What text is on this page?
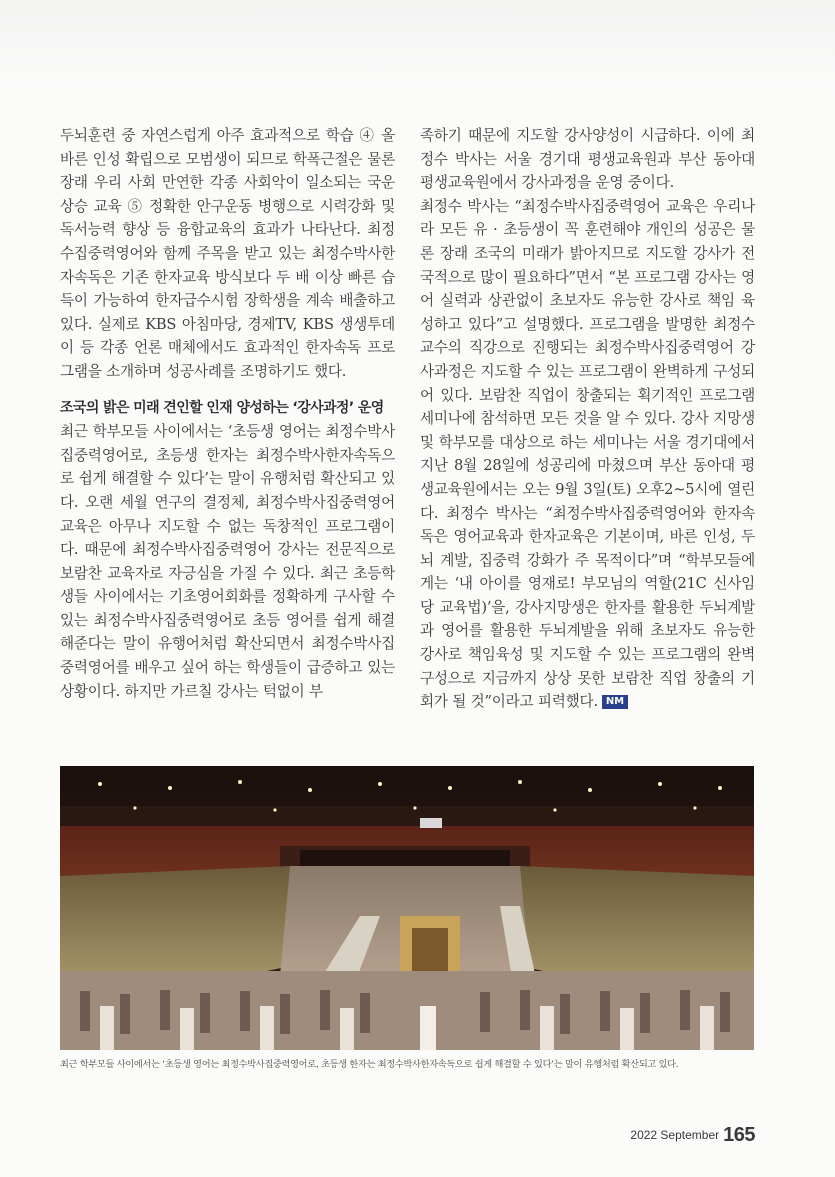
두뇌훈련 중 자연스럽게 아주 효과적으로 학습 ④ 올바른 인성 확립으로 모범생이 되므로 학폭근절은 물론 장래 우리 사회 만연한 각종 사회악이 일소되는 국운상승 교육 ⑤ 정확한 안구운동 병행으로 시력강화 및 독서능력 향상 등 융합교육의 효과가 나타난다. 최정수집중력영어와 함께 주목을 받고 있는 최정수박사한자속독은 기존 한자교육 방식보다 두 배 이상 빠른 습득이 가능하여 한자급수시험 장학생을 계속 배출하고 있다. 실제로 KBS 아침마당, 경제TV, KBS 생생투데이 등 각종 언론 매체에서도 효과적인 한자속독 프로그램을 소개하며 성공사례를 조명하기도 했다.

조국의 밝은 미래 견인할 인재 양성하는 ‘강사과정’ 운영

최근 학부모들 사이에서는 ‘초등생 영어는 최정수박사집중력영어로, 초등생 한자는 최정수박사한자속독으로 쉽게 해결할 수 있다’는 말이 유행처럼 확산되고 있다. 오랜 세월 연구의 결정체, 최정수박사집중력영어 교육은 아무나 지도할 수 없는 독창적인 프로그램이다. 때문에 최정수박사집중력영어 강사는 전문직으로 보람찬 교육자로 자긍심을 가질 수 있다. 최근 초등학생들 사이에서는 기초영어회화를 정확하게 구사할 수 있는 최정수박사집중력영어로 초등 영어를 쉽게 해결해준다는 말이 유행어처럼 확산되면서 최정수박사집중력영어를 배우고 싶어 하는 학생들이 급증하고 있는 상황이다. 하지만 가르칠 강사는 턱없이 부

족하기 때문에 지도할 강사양성이 시급하다. 이에 최정수 박사는 서울 경기대 평생교육원과 부산 동아대 평생교육원에서 강사과정을 운영 중이다.

최정수 박사는 “최정수박사집중력영어 교육은 우리나라 모든 유 · 초등생이 꼭 훈련해야 개인의 성공은 물론 장래 조국의 미래가 밝아지므로 지도할 강사가 전국적으로 많이 필요하다”면서 “본 프로그램 강사는 영어 실력과 상관없이 초보자도 유능한 강사로 책임 육성하고 있다”고 설명했다. 프로그램을 발명한 최정수 교수의 직강으로 진행되는 최정수박사집중력영어 강사과정은 지도할 수 있는 프로그램이 완벽하게 구성되어 있다. 보람찬 직업이 창출되는 획기적인 프로그램 세미나에 참석하면 모든 것을 알 수 있다. 강사 지망생 및 학부모를 대상으로 하는 세미나는 서울 경기대에서 지난 8월 28일에 성공리에 마쳤으며 부산 동아대 평생교육원에서는 오는 9월 3일(토) 오후2~5시에 열린다. 최정수 박사는 “최정수박사집중력영어와 한자속독은 영어교육과 한자교육은 기본이며, 바른 인성, 두뇌 계발, 집중력 강화가 주 목적이다”며 “학부모들에게는 ‘내 아이를 영재로! 부모님의 역할(21C 신사임당 교육법)’을, 강사지망생은 한자를 활용한 두뇌계발과 영어를 활용한 두뇌계발을 위해 초보자도 유능한 강사로 책임육성 및 지도할 수 있는 프로그램의 완벽구성으로 지금까지 상상 못한 보람찬 직업 창출의 기회가 될 것”이라고 피력했다. NM

최근 학부모들 사이에서는 ‘초등생 영어는 최정수박사집중력영어로, 초등생 한자는 최정수박사한자속독으로 쉽게 해결할 수 있다’는 말이 유행처럼 확산되고 있다.
2022 September 165
